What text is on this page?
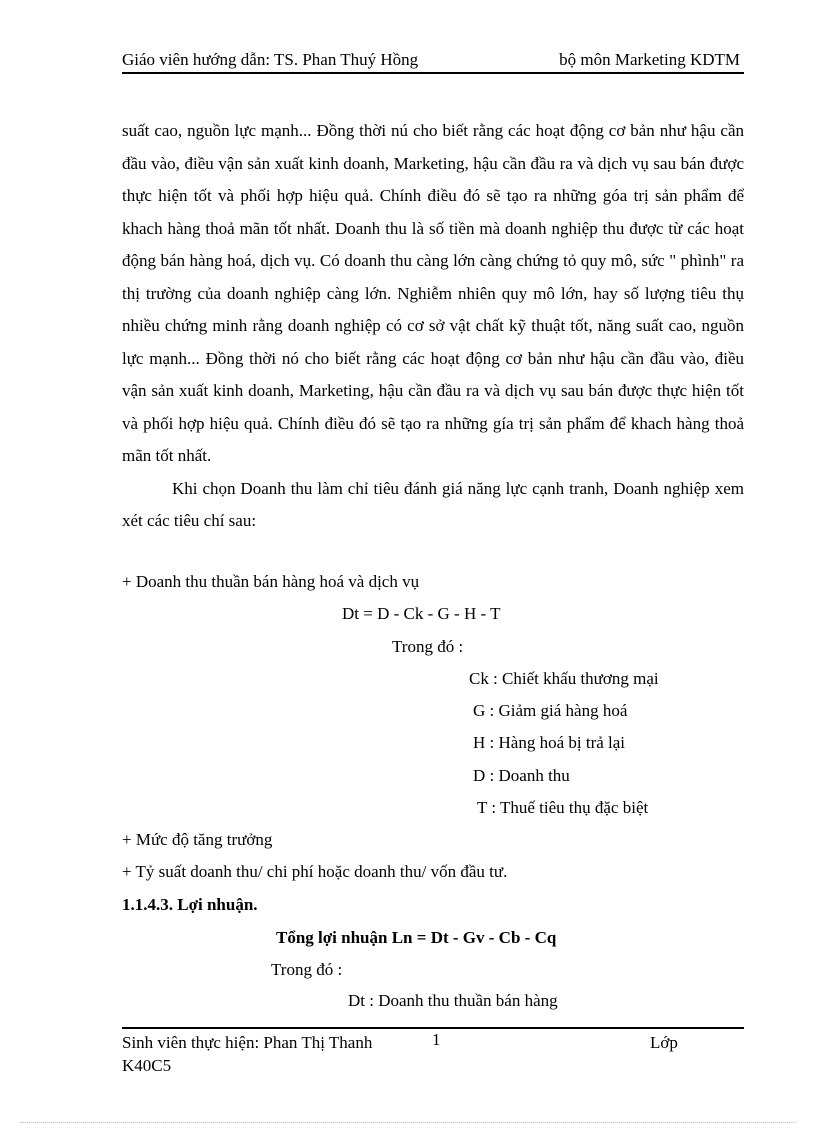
Giáo viên hướng dẫn: TS. Phan Thuý Hồng	bộ môn Marketing KDTM

suất cao, nguồn lực mạnh... Đồng thời nú cho biết rằng các hoạt động cơ bản như hậu cần đầu vào, điều vận sản xuất kinh doanh, Marketing, hậu cần đầu ra và dịch vụ sau bán được thực hiện tốt và phối hợp hiệu quả. Chính điều đó sẽ tạo ra những góa trị sản phẩm để khach hàng thoả mãn tốt nhất. Doanh thu là số tiền mà doanh nghiệp thu được từ các hoạt động bán hàng hoá, dịch vụ. Có doanh thu càng lớn càng chứng tỏ quy mô, sức " phình" ra thị trường của doanh nghiệp càng lớn. Nghiễm nhiên quy mô lớn, hay số lượng tiêu thụ nhiều chứng minh rằng doanh nghiệp có cơ sở vật chất kỹ thuật tốt, năng suất cao, nguồn lực mạnh... Đồng thời nó cho biết rằng các hoạt động cơ bản như hậu cần đầu vào, điều vận sản xuất kinh doanh, Marketing, hậu cần đầu ra và dịch vụ sau bán được thực hiện tốt và phối hợp hiệu quả. Chính điều đó sẽ tạo ra những gía trị sản phẩm để khach hàng thoả mãn tốt nhất.

Khi chọn Doanh thu làm chỉ tiêu đánh giá năng lực cạnh tranh, Doanh nghiệp xem xét các tiêu chí sau:

+ Doanh thu thuần bán hàng hoá và dịch vụ
Dt = D - Ck - G - H - T
Trong đó :
Ck : Chiết khấu thương mại
G : Giảm giá hàng hoá
H : Hàng hoá bị trả lại
D : Doanh thu
T : Thuế tiêu thụ đặc biệt
+ Mức độ tăng trưởng
+ Tỷ suất doanh thu/ chi phí hoặc doanh thu/ vốn đầu tư.
1.1.4.3. Lợi nhuận.
Tổng lợi nhuận Ln = Dt - Gv - Cb - Cq
Trong đó :
Dt : Doanh thu thuần bán hàng
Sinh viên thực hiện: Phan Thị Thanh	1	Lớp
K40C5
